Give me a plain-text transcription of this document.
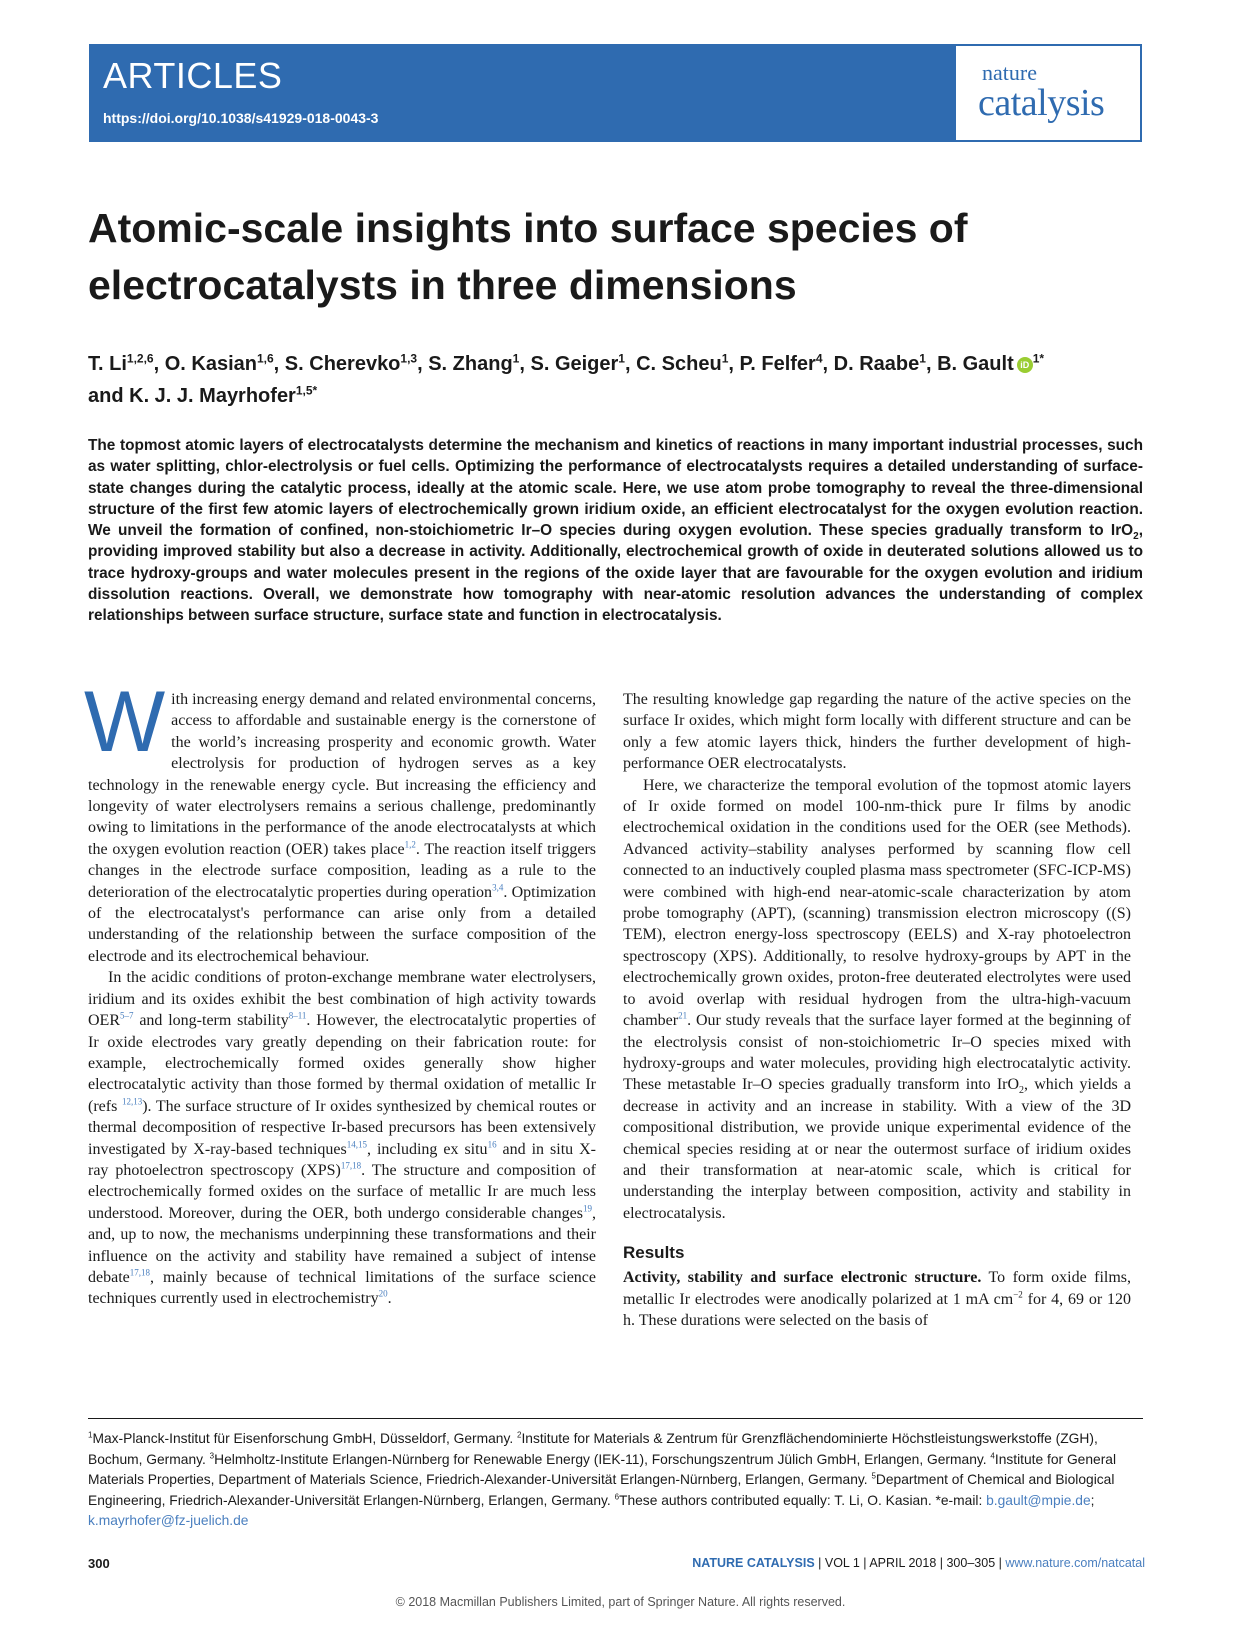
ARTICLES
https://doi.org/10.1038/s41929-018-0043-3
nature
catalysis
Atomic-scale insights into surface species of electrocatalysts in three dimensions
T. Li$^{1,2,6}$, O. Kasian$^{1,6}$, S. Cherevko$^{1,3}$, S. Zhang$^1$, S. Geiger$^1$, C. Scheu$^1$, P. Felfer$^4$, D. Raabe$^1$, B. Gault iD $^{1*}$
and K. J. J. Mayrhofer$^{1,5*}$
The topmost atomic layers of electrocatalysts determine the mechanism and kinetics of reactions in many important industrial processes, such as water splitting, chlor-electrolysis or fuel cells. Optimizing the performance of electrocatalysts requires a detailed understanding of surface-state changes during the catalytic process, ideally at the atomic scale. Here, we use atom probe tomography to reveal the three-dimensional structure of the first few atomic layers of electrochemically grown iridium oxide, an efficient electrocatalyst for the oxygen evolution reaction. We unveil the formation of confined, non-stoichiometric Ir–O species during oxygen evolution. These species gradually transform to IrO$_2$, providing improved stability but also a decrease in activity. Additionally, electrochemical growth of oxide in deuterated solutions allowed us to trace hydroxy-groups and water molecules present in the regions of the oxide layer that are favourable for the oxygen evolution and iridium dissolution reactions. Overall, we demonstrate how tomography with near-atomic resolution advances the understanding of complex relationships between surface structure, surface state and function in electrocatalysis.

With increasing energy demand and related environmental concerns, access to affordable and sustainable energy is the cornerstone of the world’s increasing prosperity and economic growth. Water electrolysis for production of hydrogen serves as a key technology in the renewable energy cycle. But increasing the efficiency and longevity of water electrolysers remains a serious challenge, predominantly owing to limitations in the performance of the anode electrocatalysts at which the oxygen evolution reaction (OER) takes place$^{1,2}$. The reaction itself triggers changes in the electrode surface composition, leading as a rule to the deterioration of the electrocatalytic properties during operation$^{3,4}$. Optimization of the electrocatalyst's performance can arise only from a detailed understanding of the relationship between the surface composition of the electrode and its electrochemical behaviour.

In the acidic conditions of proton-exchange membrane water electrolysers, iridium and its oxides exhibit the best combination of high activity towards OER$^{5-7}$ and long-term stability$^{8-11}$. However, the electrocatalytic properties of Ir oxide electrodes vary greatly depending on their fabrication route: for example, electrochemically formed oxides generally show higher electrocatalytic activity than those formed by thermal oxidation of metallic Ir (refs $^{12,13}$). The surface structure of Ir oxides synthesized by chemical routes or thermal decomposition of respective Ir-based precursors has been extensively investigated by X-ray-based techniques$^{14,15}$, including ex situ$^{16}$ and in situ X-ray photoelectron spectroscopy (XPS)$^{17,18}$. The structure and composition of electrochemically formed oxides on the surface of metallic Ir are much less understood. Moreover, during the OER, both undergo considerable changes$^{19}$, and, up to now, the mechanisms underpinning these transformations and their influence on the activity and stability have remained a subject of intense debate$^{17,18}$, mainly because of technical limitations of the surface science techniques currently used in electrochemistry$^{20}$.

The resulting knowledge gap regarding the nature of the active species on the surface Ir oxides, which might form locally with different structure and can be only a few atomic layers thick, hinders the further development of high-performance OER electrocatalysts.

Here, we characterize the temporal evolution of the topmost atomic layers of Ir oxide formed on model 100-nm-thick pure Ir films by anodic electrochemical oxidation in the conditions used for the OER (see Methods). Advanced activity–stability analyses performed by scanning flow cell connected to an inductively coupled plasma mass spectrometer (SFC-ICP-MS) were combined with high-end near-atomic-scale characterization by atom probe tomography (APT), (scanning) transmission electron microscopy ((S) TEM), electron energy-loss spectroscopy (EELS) and X-ray photoelectron spectroscopy (XPS). Additionally, to resolve hydroxy-groups by APT in the electrochemically grown oxides, proton-free deuterated electrolytes were used to avoid overlap with residual hydrogen from the ultra-high-vacuum chamber$^{21}$. Our study reveals that the surface layer formed at the beginning of the electrolysis consist of non-stoichiometric Ir–O species mixed with hydroxy-groups and water molecules, providing high electrocatalytic activity. These metastable Ir–O species gradually transform into IrO$_2$, which yields a decrease in activity and an increase in stability. With a view of the 3D compositional distribution, we provide unique experimental evidence of the chemical species residing at or near the outermost surface of iridium oxides and their transformation at near-atomic scale, which is critical for understanding the interplay between composition, activity and stability in electrocatalysis.

Results

Activity, stability and surface electronic structure. To form oxide films, metallic Ir electrodes were anodically polarized at 1 mA $cm^{-2}$ for 4, 69 or 120 h. These durations were selected on the basis of

$^1$Max-Planck-Institut für Eisenforschung GmbH, Düsseldorf, Germany. $^2$Institute for Materials & Zentrum für Grenzflächendominierte Höchstleistungswerkstoffe (ZGH), Bochum, Germany. $^3$Helmholtz-Institute Erlangen-Nürnberg for Renewable Energy (IEK-11), Forschungszentrum Jülich GmbH, Erlangen, Germany. $^4$Institute for General Materials Properties, Department of Materials Science, Friedrich-Alexander-Universität Erlangen-Nürnberg, Erlangen, Germany. $^5$Department of Chemical and Biological Engineering, Friedrich-Alexander-Universität Erlangen-Nürnberg, Erlangen, Germany. $^6$These authors contributed equally: T. Li, O. Kasian. *e-mail: b.gault@mpie.de; k.mayrhofer@fz-juelich.de
300	NATURE CATALYSIS | VOL 1 | APRIL 2018 | 300–305 | www.nature.com/natcatal
© 2018 Macmillan Publishers Limited, part of Springer Nature. All rights reserved.
